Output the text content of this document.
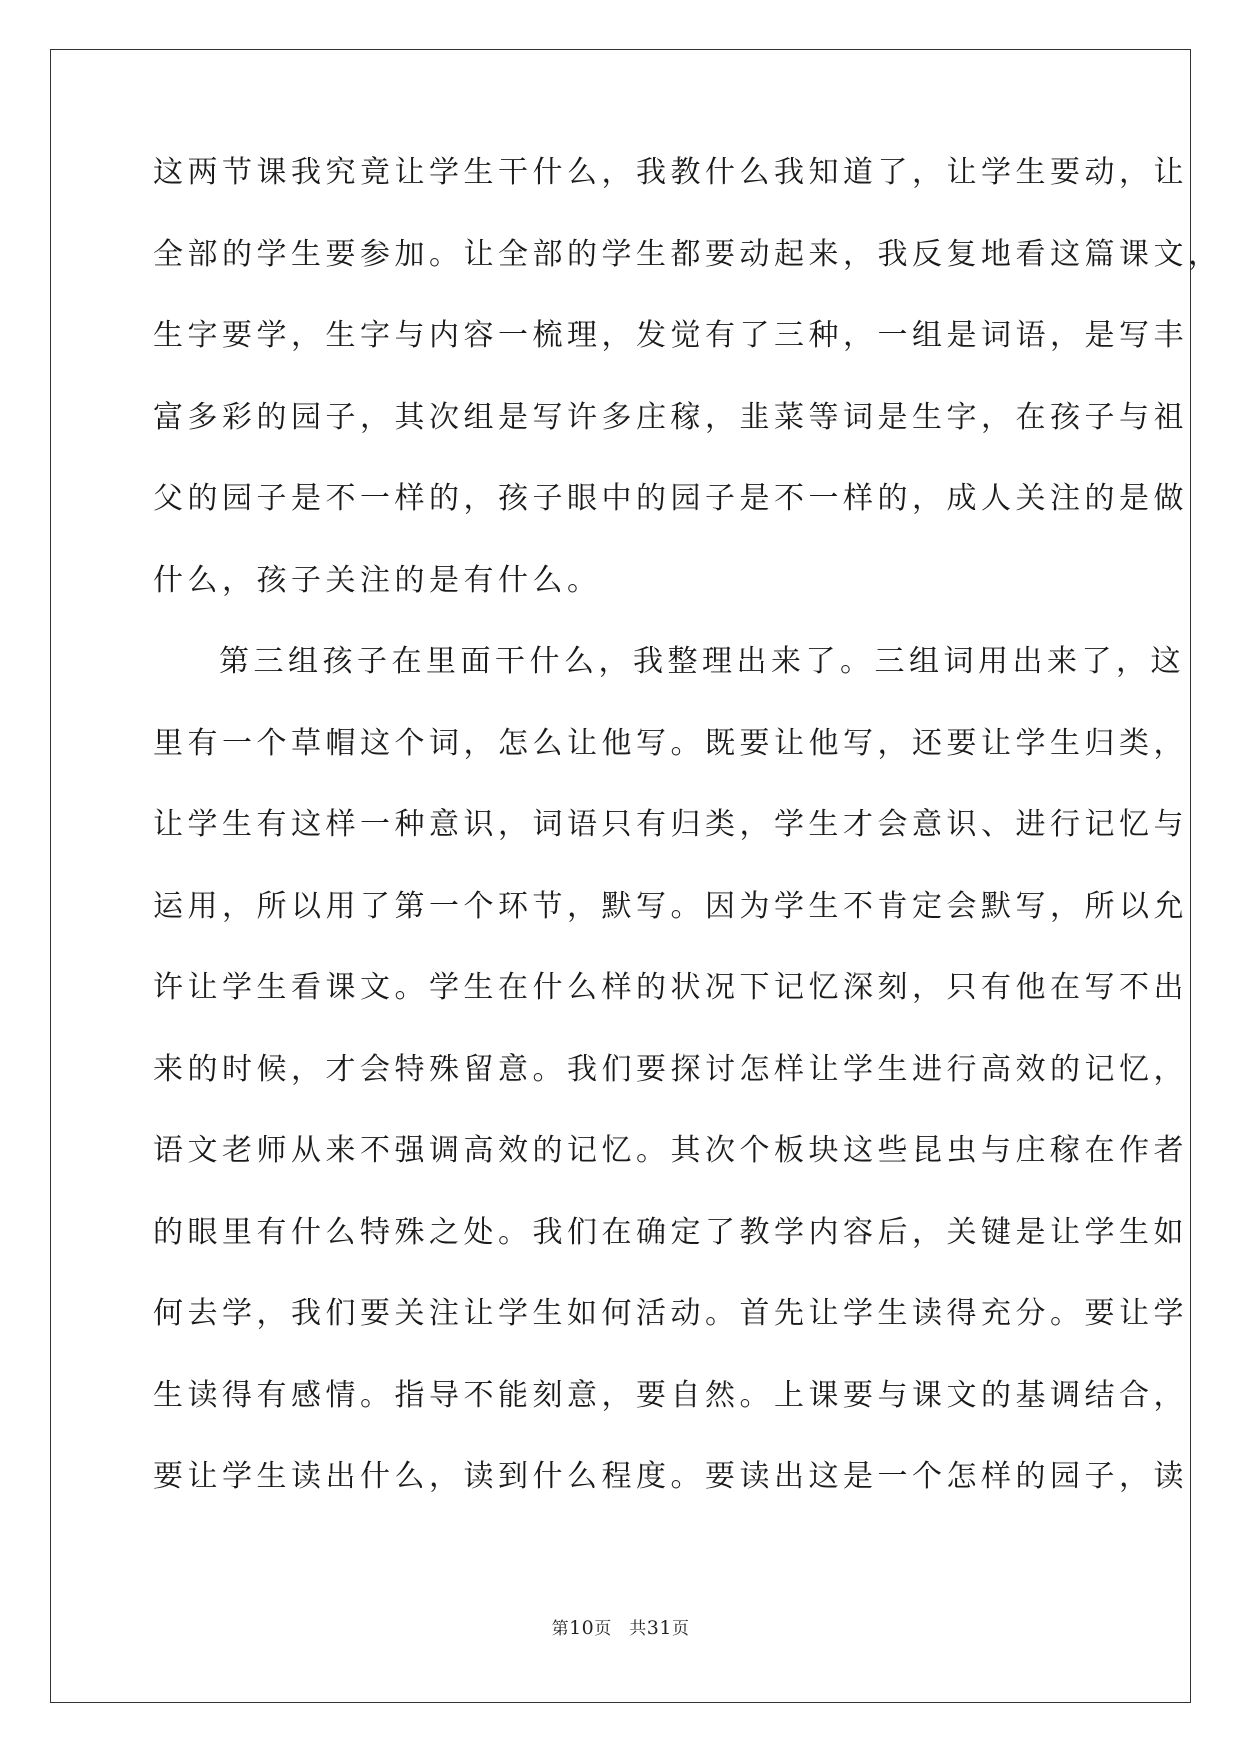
这两节课我究竟让学生干什么，我教什么我知道了，让学生要动，让
全部的学生要参加。让全部的学生都要动起来，我反复地看这篇课文，
生字要学，生字与内容一梳理，发觉有了三种，一组是词语，是写丰
富多彩的园子，其次组是写许多庄稼，韭菜等词是生字，在孩子与祖
父的园子是不一样的，孩子眼中的园子是不一样的，成人关注的是做
什么，孩子关注的是有什么。
第三组孩子在里面干什么，我整理出来了。三组词用出来了，这
里有一个草帽这个词，怎么让他写。既要让他写，还要让学生归类，
让学生有这样一种意识，词语只有归类，学生才会意识、进行记忆与
运用，所以用了第一个环节，默写。因为学生不肯定会默写，所以允
许让学生看课文。学生在什么样的状况下记忆深刻，只有他在写不出
来的时候，才会特殊留意。我们要探讨怎样让学生进行高效的记忆，
语文老师从来不强调高效的记忆。其次个板块这些昆虫与庄稼在作者
的眼里有什么特殊之处。我们在确定了教学内容后，关键是让学生如
何去学，我们要关注让学生如何活动。首先让学生读得充分。要让学
生读得有感情。指导不能刻意，要自然。上课要与课文的基调结合，
要让学生读出什么，读到什么程度。要读出这是一个怎样的园子，读
第10页　共31页
